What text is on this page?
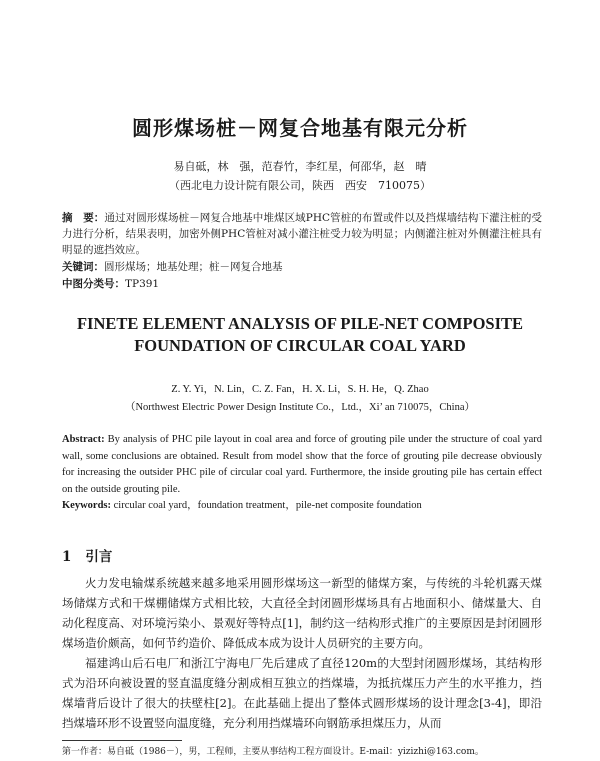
圆形煤场桩－网复合地基有限元分析
易自砥，林　强，范春竹，李红星，何邵华，赵　晴
（西北电力设计院有限公司，陕西　西安　710075）
摘　要：通过对圆形煤场桩－网复合地基中堆煤区域PHC管桩的布置或件以及挡煤墙结构下灌注桩的受力进行分析，结果表明，加密外侧PHC管桩对减小灌注桩受力较为明显；内侧灌注桩对外侧灌注桩具有明显的遮挡效应。
关键词：圆形煤场；地基处理；桩－网复合地基
中图分类号：TP391
FINETE ELEMENT ANALYSIS OF PILE-NET COMPOSITE
FOUNDATION OF CIRCULAR COAL YARD
Z. Y. Yi，N. Lin，C. Z. Fan，H. X. Li，S. H. He，Q. Zhao
（Northwest Electric Power Design Institute Co.，Ltd.，Xi’ an 710075，China）
Abstract: By analysis of PHC pile layout in coal area and force of grouting pile under the structure of coal yard wall, some conclusions are obtained. Result from model show that the force of grouting pile decrease obviously for increasing the outsider PHC pile of circular coal yard. Furthermore, the inside grouting pile has certain effect on the outside grouting pile.
Keywords: circular coal yard，foundation treatment，pile-net composite foundation
1 引言

火力发电输煤系统越来越多地采用圆形煤场这一新型的储煤方案，与传统的斗轮机露天煤场储煤方式和干煤棚储煤方式相比较，大直径全封闭圆形煤场具有占地面积小、储煤量大、自动化程度高、对环境污染小、景观好等特点[1]，制约这一结构形式推广的主要原因是封闭圆形煤场造价颇高，如何节约造价、降低成本成为设计人员研究的主要方向。

福建鸿山后石电厂和浙江宁海电厂先后建成了直径120m的大型封闭圆形煤场，其结构形式为沿环向被设置的竖直温度缝分割成相互独立的挡煤墙，为抵抗煤压力产生的水平推力，挡煤墙背后设计了很大的扶壁柱[2]。在此基础上提出了整体式圆形煤场的设计理念[3-4]，即沿挡煤墙环形不设置竖向温度缝，充分利用挡煤墙环向钢筋承担煤压力，从而

第一作者：易自砥（1986－），男，工程师，主要从事结构工程方面设计。E-mail：yizizhi@163.com。
